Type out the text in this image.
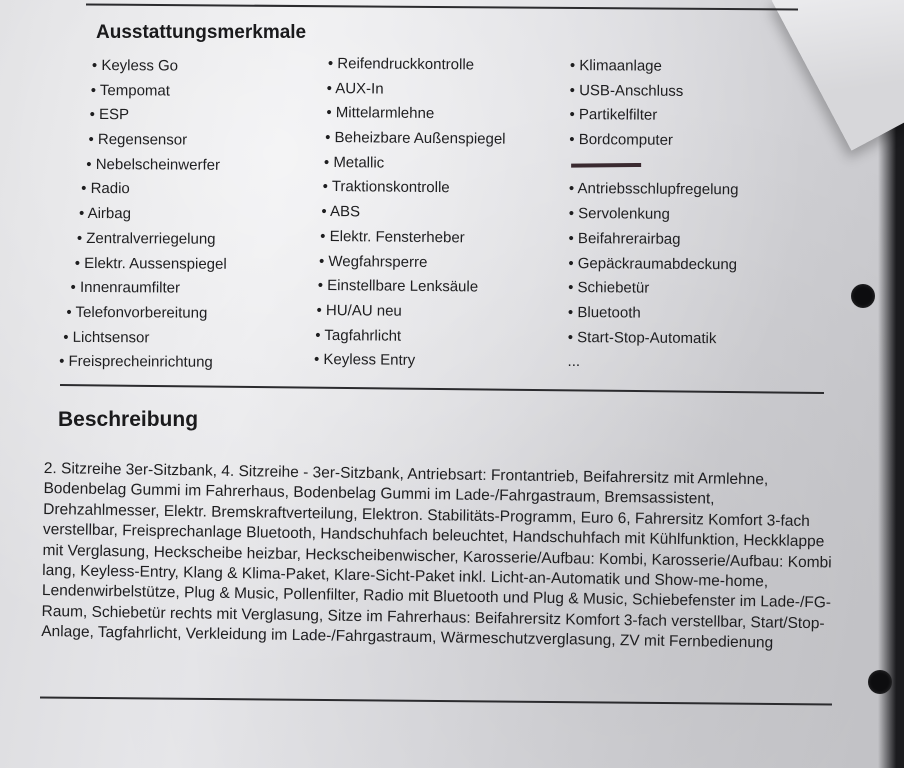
Ausstattungsmerkmale
• Keyless Go
• Tempomat
• ESP
• Regensensor
• Nebelscheinwerfer
• Radio
• Airbag
• Zentralverriegelung
• Elektr. Aussenspiegel
• Innenraumfilter
• Telefonvorbereitung
• Lichtsensor
• Freisprecheinrichtung
• Reifendruckkontrolle
• AUX-In
• Mittelarmlehne
• Beheizbare Außenspiegel
• Metallic
• Traktionskontrolle
• ABS
• Elektr. Fensterheber
• Wegfahrsperre
• Einstellbare Lenksäule
• HU/AU neu
• Tagfahrlicht
• Keyless Entry
• Klimaanlage
• USB-Anschluss
• Partikelfilter
• Bordcomputer
• Antriebsschlupfregelung
• Servolenkung
• Beifahrerairbag
• Gepäckraumabdeckung
• Schiebetür
• Bluetooth
• Start-Stop-Automatik
...
Beschreibung

2. Sitzreihe 3er-Sitzbank, 4. Sitzreihe - 3er-Sitzbank, Antriebsart: Frontantrieb, Beifahrersitz mit Armlehne, Bodenbelag Gummi im Fahrerhaus, Bodenbelag Gummi im Lade-/Fahrgastraum, Bremsassistent, Drehzahlmesser, Elektr. Bremskraftverteilung, Elektron. Stabilitäts-Programm, Euro 6, Fahrersitz Komfort 3-fach verstellbar, Freisprechanlage Bluetooth, Handschuhfach beleuchtet, Handschuhfach mit Kühlfunktion, Heckklappe mit Verglasung, Heckscheibe heizbar, Heckscheibenwischer, Karosserie/Aufbau: Kombi, Karosserie/Aufbau: Kombi lang, Keyless-Entry, Klang & Klima-Paket, Klare-Sicht-Paket inkl. Licht-an-Automatik und Show-me-home, Lendenwirbelstütze, Plug & Music, Pollenfilter, Radio mit Bluetooth und Plug & Music, Schiebefenster im Lade-/FG-Raum, Schiebetür rechts mit Verglasung, Sitze im Fahrerhaus: Beifahrersitz Komfort 3-fach verstellbar, Start/Stop-Anlage, Tagfahrlicht, Verkleidung im Lade-/Fahrgastraum, Wärmeschutzverglasung, ZV mit Fernbedienung
